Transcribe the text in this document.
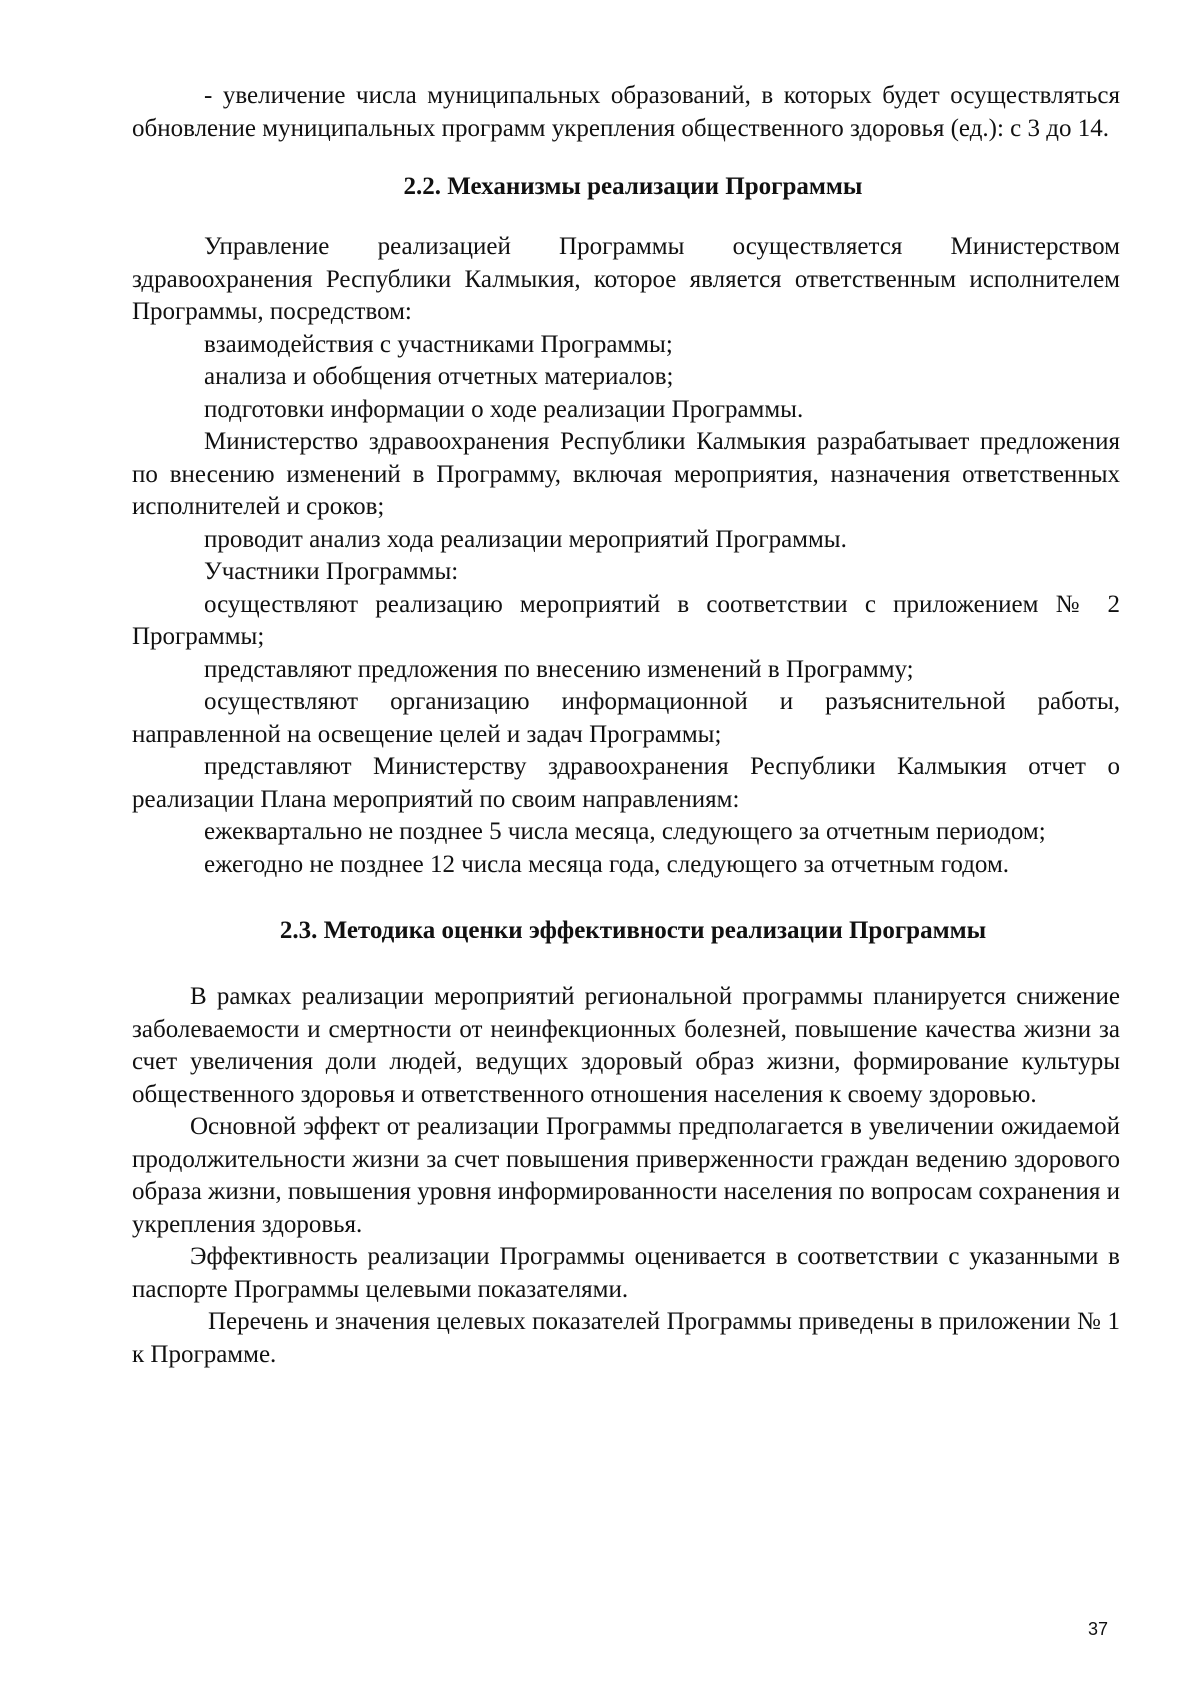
- увеличение числа муниципальных образований, в которых будет осуществляться обновление муниципальных программ укрепления общественного здоровья (ед.): с 3 до 14.

2.2. Механизмы реализации Программы

Управление реализацией Программы осуществляется Министерством здравоохранения Республики Калмыкия, которое является ответственным исполнителем Программы, посредством:

взаимодействия с участниками Программы;

анализа и обобщения отчетных материалов;

подготовки информации о ходе реализации Программы.

Министерство здравоохранения Республики Калмыкия разрабатывает предложения по внесению изменений в Программу, включая мероприятия, назначения ответственных исполнителей и сроков;

проводит анализ хода реализации мероприятий Программы.

Участники Программы:

осуществляют реализацию мероприятий в соответствии с приложением № 2 Программы;

представляют предложения по внесению изменений в Программу;

осуществляют организацию информационной и разъяснительной работы, направленной на освещение целей и задач Программы;

представляют Министерству здравоохранения Республики Калмыкия отчет о реализации Плана мероприятий по своим направлениям:

ежеквартально не позднее 5 числа месяца, следующего за отчетным периодом;

ежегодно не позднее 12 числа месяца года, следующего за отчетным годом.

2.3. Методика оценки эффективности реализации Программы

В рамках реализации мероприятий региональной программы планируется снижение заболеваемости и смертности от неинфекционных болезней, повышение качества жизни за счет увеличения доли людей, ведущих здоровый образ жизни, формирование культуры общественного здоровья и ответственного отношения населения к своему здоровью.

Основной эффект от реализации Программы предполагается в увеличении ожидаемой продолжительности жизни за счет повышения приверженности граждан ведению здорового образа жизни, повышения уровня информированности населения по вопросам сохранения и укрепления здоровья.

Эффективность реализации Программы оценивается в соответствии с указанными в паспорте Программы целевыми показателями.

Перечень и значения целевых показателей Программы приведены в приложении № 1 к Программе.

37
